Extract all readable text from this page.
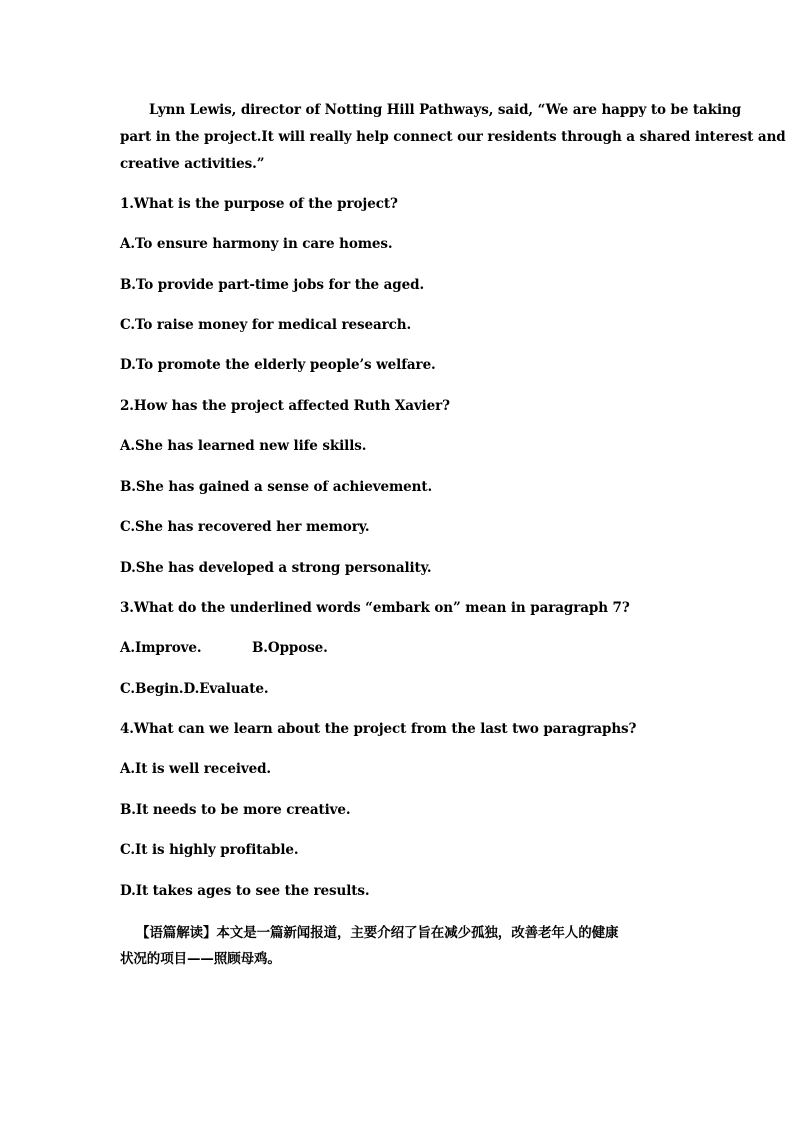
Lynn Lewis, director of Notting Hill Pathways, said, “We are happy to be taking
part in the project.It will really help connect our residents through a shared interest and
creative activities.”
1.What is the purpose of the project?
A.To ensure harmony in care homes.
B.To provide part-time jobs for the aged.
C.To raise money for medical research.
D.To promote the elderly people’s welfare.
2.How has the project affected Ruth Xavier?
A.She has learned new life skills.
B.She has gained a sense of achievement.
C.She has recovered her memory.
D.She has developed a strong personality.
3.What do the underlined words “embark on” mean in paragraph 7?
A.Improve.	B.Oppose.
C.Begin.D.Evaluate.
4.What can we learn about the project from the last two paragraphs?
A.It is well received.
B.It needs to be more creative.
C.It is highly profitable.
D.It takes ages to see the results.
【语篇解读】本文是一篇新闻报道，主要介绍了旨在减少孤独，改善老年人的健康
状况的项目——照顾母鸡。
